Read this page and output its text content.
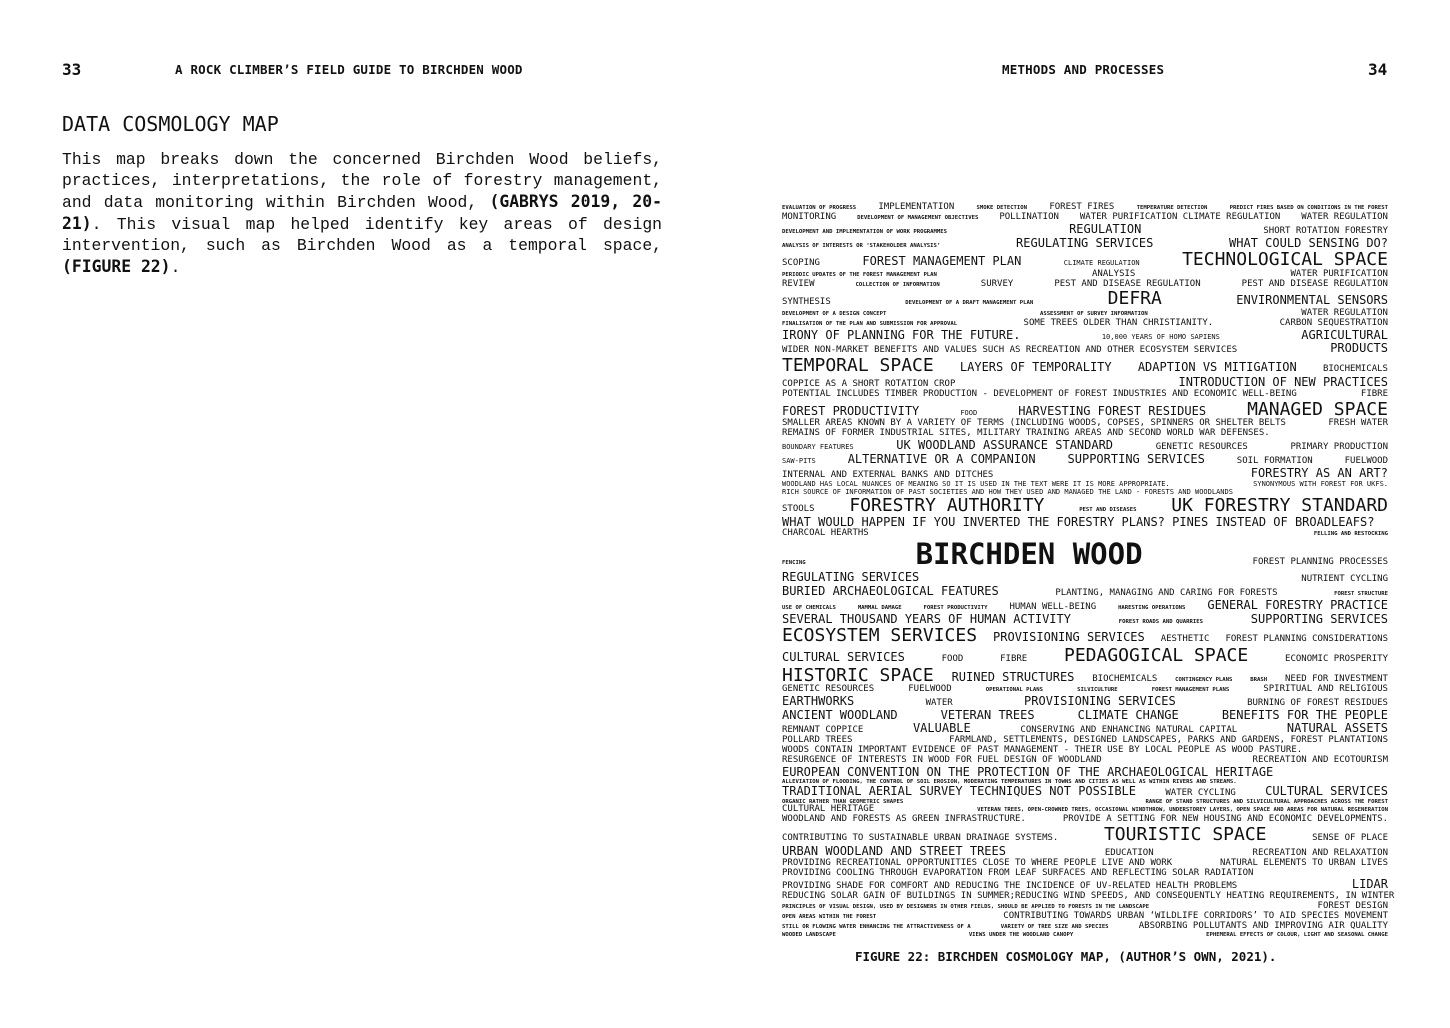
33	A ROCK CLIMBER’S FIELD GUIDE TO BIRCHDEN WOOD
DATA COSMOLOGY MAP

This map breaks down the concerned Birchden Wood beliefs, practices, interpretations, the role of forestry management, and data monitoring within Birchden Wood, (GABRYS 2019, 20-21). This visual map helped identify key areas of design intervention, such as Birchden Wood as a temporal space, (FIGURE 22).

METHODS AND PROCESSES	34
EVALUATION OF PROGRESS IMPLEMENTATION	SMOKE DETECTION FOREST FIRES	TEMPERATURE DETECTION	PREDICT FIRES BASED ON CONDITIONS IN THE FOREST
MONITORING	DEVELOPMENT OF MANAGEMENT OBJECTIVES POLLINATION WATER PURIFICATION CLIMATE REGULATION WATER REGULATION
DEVELOPMENT AND IMPLEMENTATION OF WORK PROGRAMMES	REGULATION	SHORT ROTATION FORESTRY
ANALYSIS OF INTERESTS OR ‘STAKEHOLDER ANALYSIS’	REGULATING SERVICES	WHAT COULD SENSING DO?
SCOPING	FOREST MANAGEMENT PLAN	CLIMATE REGULATION TECHNOLOGICAL SPACE
PERIODIC UPDATES OF THE FOREST MANAGEMENT PLAN	ANALYSIS	WATER PURIFICATION
REVIEW	COLLECTION OF INFORMATION	SURVEY	PEST AND DISEASE REGULATION	PEST AND DISEASE REGULATION
SYNTHESIS	DEVELOPMENT OF A DRAFT MANAGEMENT PLAN	DEFRA	ENVIRONMENTAL SENSORS
DEVELOPMENT OF A DESIGN CONCEPT	ASSESSMENT OF SURVEY INFORMATION	WATER REGULATION
FINALISATION OF THE PLAN AND SUBMISSION FOR APPROVAL	SOME TREES OLDER THAN CHRISTIANITY.	CARBON SEQUESTRATION
IRONY OF PLANNING FOR THE FUTURE.	10,000 YEARS OF HOMO SAPIENS	AGRICULTURAL
WIDER NON-MARKET BENEFITS AND VALUES SUCH AS RECREATION AND OTHER ECOSYSTEM SERVICES	PRODUCTS
TEMPORAL SPACE LAYERS OF TEMPORALITY ADAPTION VS MITIGATION	BIOCHEMICALS
COPPICE AS A SHORT ROTATION CROP	INTRODUCTION OF NEW PRACTICES
POTENTIAL INCLUDES TIMBER PRODUCTION - DEVELOPMENT OF FOREST INDUSTRIES AND ECONOMIC WELL-BEING	FIBRE
FOREST PRODUCTIVITY	FOOD	HARVESTING FOREST RESIDUES MANAGED SPACE
SMALLER AREAS KNOWN BY A VARIETY OF TERMS (INCLUDING WOODS, COPSES, SPINNERS OR SHELTER BELTS	FRESH WATER
REMAINS OF FORMER INDUSTRIAL SITES, MILITARY TRAINING AREAS AND SECOND WORLD WAR DEFENSES.
BOUNDARY FEATURES	UK WOODLAND ASSURANCE STANDARD	GENETIC RESOURCES	PRIMARY PRODUCTION
SAW-PITS	ALTERNATIVE OR A COMPANION	SUPPORTING SERVICES	SOIL FORMATION	FUELWOOD
INTERNAL AND EXTERNAL BANKS AND DITCHES	FORESTRY AS AN ART?
WOODLAND HAS LOCAL NUANCES OF MEANING SO IT IS USED IN THE TEXT WERE IT IS MORE APPROPRIATE.	SYNONYMOUS WITH FOREST FOR UKFS.
RICH SOURCE OF INFORMATION OF PAST SOCIETIES AND HOW THEY USED AND MANAGED THE LAND - FORESTS AND WOODLANDS
STOOLS FORESTRY AUTHORITY	PEST AND DISEASES UK FORESTRY STANDARD
WHAT WOULD HAPPEN IF YOU INVERTED THE FORESTRY PLANS? PINES INSTEAD OF BROADLEAFS?
CHARCOAL HEARTHS	FELLING AND RESTOCKING
FENCING	BIRCHDEN WOOD	FOREST PLANNING PROCESSES
REGULATING SERVICES	NUTRIENT CYCLING
BURIED ARCHAEOLOGICAL FEATURES	PLANTING, MANAGING AND CARING FOR FORESTS	FOREST STRUCTURE
USE OF CHEMICALS	MAMMAL DAMAGE	FOREST PRODUCTIVITY HUMAN WELL-BEING	HARESTING OPERATIONS GENERAL FORESTRY PRACTICE
SEVERAL THOUSAND YEARS OF HUMAN ACTIVITY	FOREST ROADS AND QUARRIES	SUPPORTING SERVICES
ECOSYSTEM SERVICES PROVISIONING SERVICES AESTHETIC FOREST PLANNING CONSIDERATIONS
CULTURAL SERVICES	FOOD	FIBRE PEDAGOGICAL SPACE	ECONOMIC PROSPERITY
HISTORIC SPACE RUINED STRUCTURES BIOCHEMICALS	CONTINGENCY PLANS	BRASH NEED FOR INVESTMENT
GENETIC RESOURCES	FUELWOOD	OPERATIONAL PLANS	SILVICULTURE	FOREST MANAGEMENT PLANS	SPIRITUAL AND RELIGIOUS
EARTHWORKS	WATER	PROVISIONING SERVICES	BURNING OF FOREST RESIDUES
ANCIENT WOODLAND	VETERAN TREES	CLIMATE CHANGE	BENEFITS FOR THE PEOPLE
REMNANT COPPICE	VALUABLE	CONSERVING AND ENHANCING NATURAL CAPITAL	NATURAL ASSETS
POLLARD TREES	FARMLAND, SETTLEMENTS, DESIGNED LANDSCAPES, PARKS AND GARDENS, FOREST PLANTATIONS
WOODS CONTAIN IMPORTANT EVIDENCE OF PAST MANAGEMENT - THEIR USE BY LOCAL PEOPLE AS WOOD PASTURE.
RESURGENCE OF INTERESTS IN WOOD FOR FUEL DESIGN OF WOODLAND	RECREATION AND ECOTOURISM
EUROPEAN CONVENTION ON THE PROTECTION OF THE ARCHAEOLOGICAL HERITAGE
ALLEVIATION OF FLOODING, THE CONTROL OF SOIL EROSION, MODERATING TEMPERATURES IN TOWNS AND CITIES AS WELL AS WITHIN RIVERS AND STREAMS.
TRADITIONAL AERIAL SURVEY TECHNIQUES NOT POSSIBLE	WATER CYCLING CULTURAL SERVICES
ORGANIC RATHER THAN GEOMETRIC SHAPES	RANGE OF STAND STRUCTURES AND SILVICULTURAL APPROACHES ACROSS THE FOREST
CULTURAL HERITAGE	VETERAN TREES, OPEN-CROWNED TREES, OCCASIONAL WINDTHROW, UNDERSTOREY LAYERS, OPEN SPACE AND AREAS FOR NATURAL REGENERATION
WOODLAND AND FORESTS AS GREEN INFRASTRUCTURE.	PROVIDE A SETTING FOR NEW HOUSING AND ECONOMIC DEVELOPMENTS.
CONTRIBUTING TO SUSTAINABLE URBAN DRAINAGE SYSTEMS.	TOURISTIC SPACE	SENSE OF PLACE
URBAN WOODLAND AND STREET TREES	EDUCATION	RECREATION AND RELAXATION
PROVIDING RECREATIONAL OPPORTUNITIES CLOSE TO WHERE PEOPLE LIVE AND WORK	NATURAL ELEMENTS TO URBAN LIVES
PROVIDING COOLING THROUGH EVAPORATION FROM LEAF SURFACES AND REFLECTING SOLAR RADIATION
PROVIDING SHADE FOR COMFORT AND REDUCING THE INCIDENCE OF UV-RELATED HEALTH PROBLEMS	LIDAR
REDUCING SOLAR GAIN OF BUILDINGS IN SUMMER;REDUCING WIND SPEEDS, AND CONSEQUENTLY HEATING REQUIREMENTS, IN WINTER
PRINCIPLES OF VISUAL DESIGN, USED BY DESIGNERS IN OTHER FIELDS, SHOULD BE APPLIED TO FORESTS IN THE LANDSCAPE	FOREST DESIGN
OPEN AREAS WITHIN THE FOREST	CONTRIBUTING TOWARDS URBAN ‘WILDLIFE CORRIDORS’ TO AID SPECIES MOVEMENT
STILL OR FLOWING WATER ENHANCING THE ATTRACTIVENESS OF A	VARIETY OF TREE SIZE AND SPECIES	ABSORBING POLLUTANTS AND IMPROVING AIR QUALITY
WOODED LANDSCAPE	VIEWS UNDER THE WOODLAND CANOPY	EPHEMERAL EFFECTS OF COLOUR, LIGHT AND SEASONAL CHANGE
FIGURE 22: BIRCHDEN COSMOLOGY MAP, (AUTHOR’S OWN, 2021).
